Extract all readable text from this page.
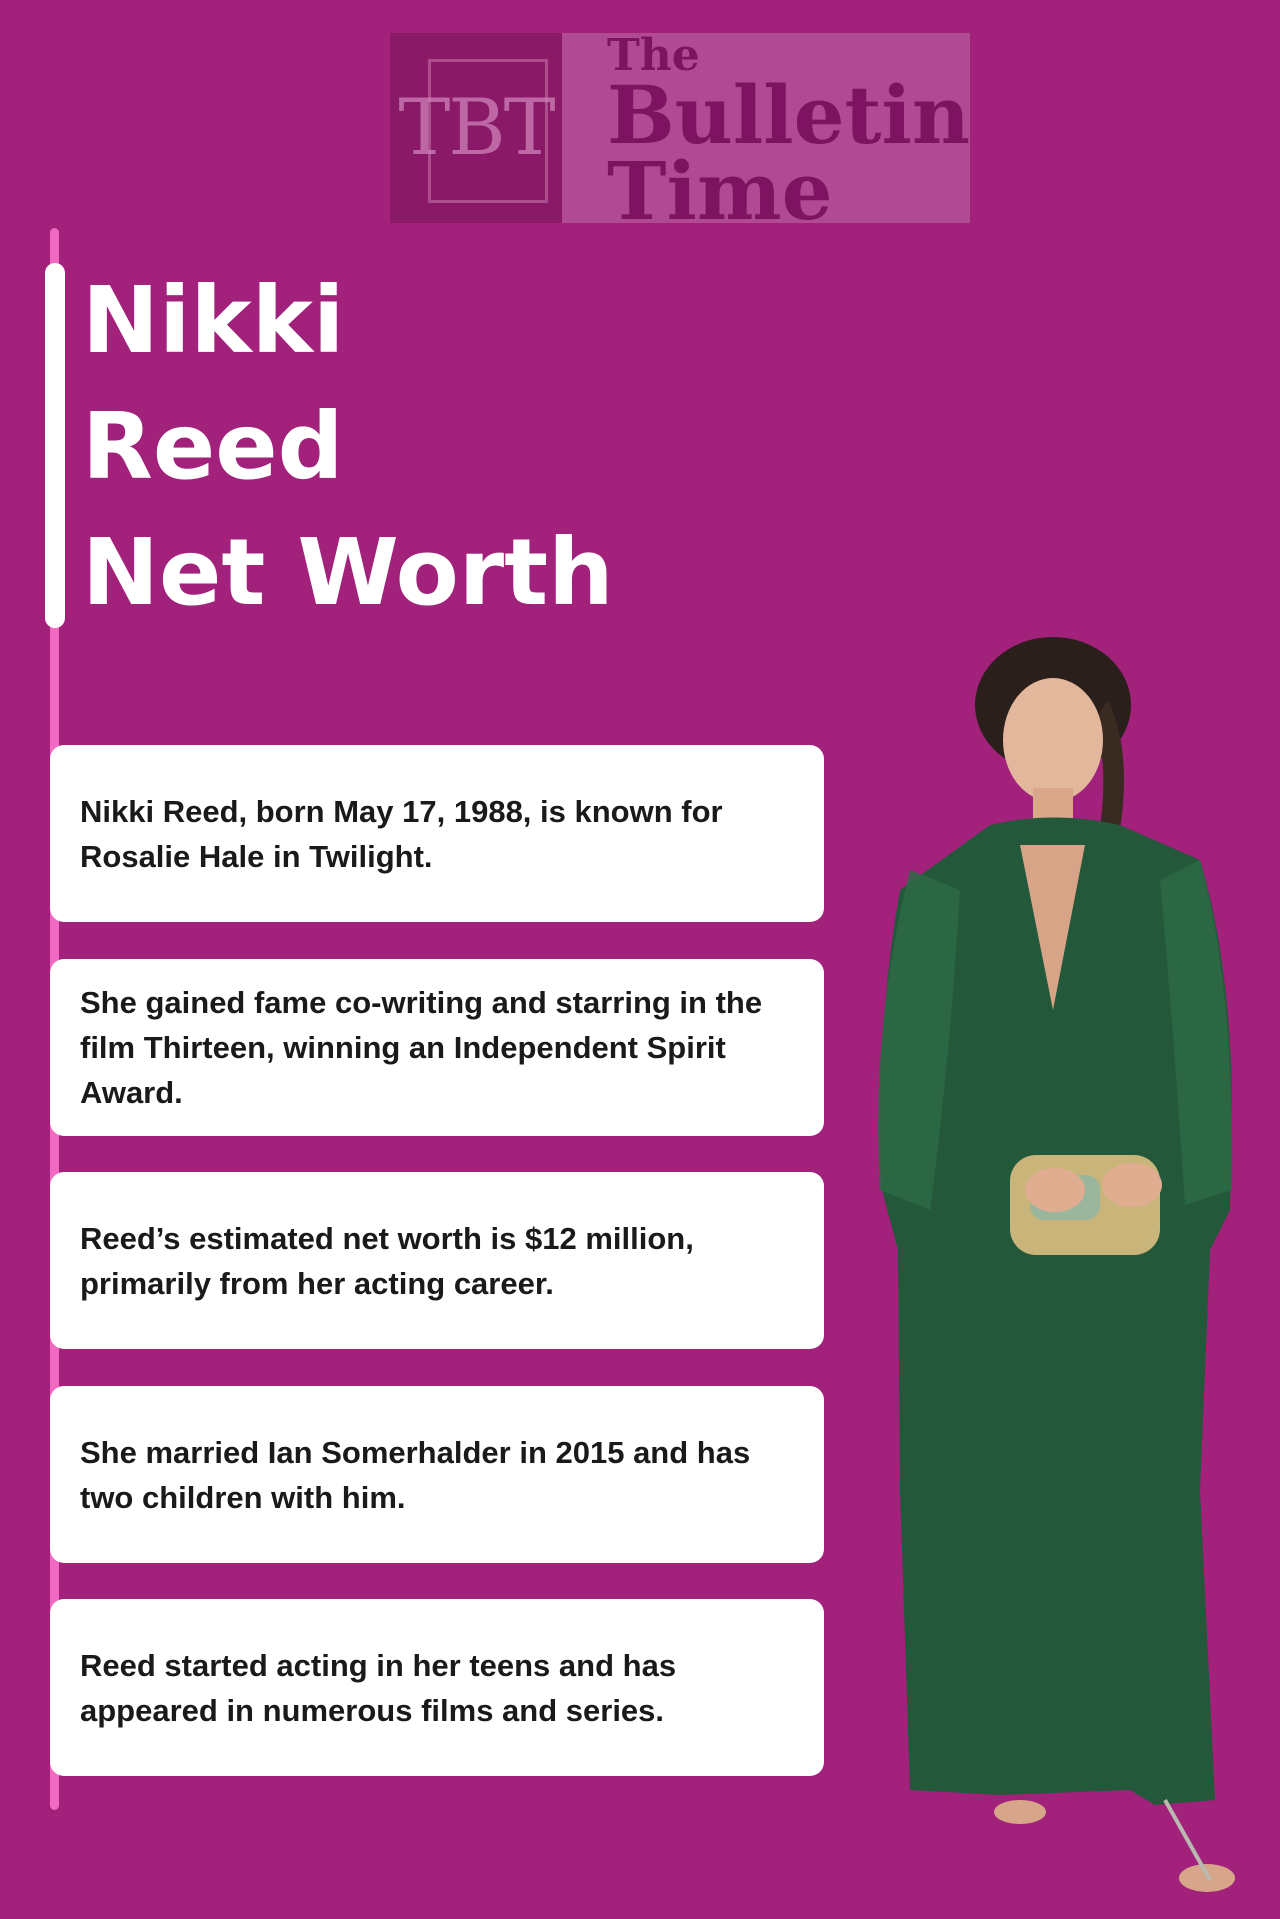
TBT
The
Bulletin
Time
Nikki
Reed
Net Worth

Nikki Reed, born May 17, 1988, is known for Rosalie Hale in Twilight.

She gained fame co-writing and starring in the film Thirteen, winning an Independent Spirit Award.

Reed’s estimated net worth is $12 million, primarily from her acting career.

She married Ian Somerhalder in 2015 and has two children with him.

Reed started acting in her teens and has appeared in numerous films and series.
